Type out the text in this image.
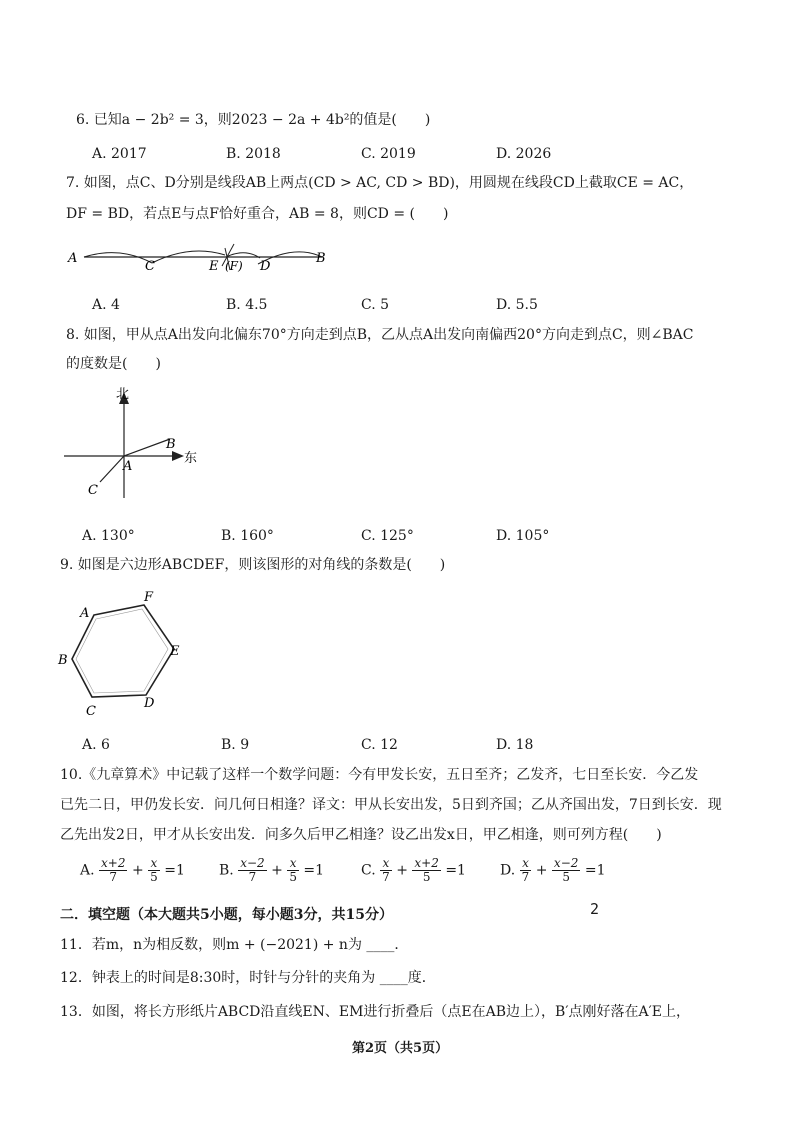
6. 已知a − 2b² = 3，则2023 − 2a + 4b²的值是(　　)
A. 2017	B. 2018	C. 2019	D. 2026
7. 如图，点C、D分别是线段AB上两点(CD > AC, CD > BD)，用圆规在线段CD上截取CE = AC，
DF = BD，若点E与点F恰好重合，AB = 8，则CD = (　　)
A
C	E (F) D
B
A. 4	B. 4.5	C. 5	D. 5.5
8. 如图，甲从点A出发向北偏东70°方向走到点B，乙从点A出发向南偏西20°方向走到点C，则∠BAC
的度数是(　　)
北
东
A
B
C
A. 130°	B. 160°	C. 125°	D. 105°
9. 如图是六边形ABCDEF，则该图形的对角线的条数是(　　)
A
F
B
E
C
D
A. 6	B. 9	C. 12	D. 18
10.《九章算术》中记载了这样一个数学问题：今有甲发长安，五日至齐；乙发齐，七日至长安．今乙发
已先二日，甲仍发长安．问几何日相逢？译文：甲从长安出发，5日到齐国；乙从齐国出发，7日到长安．现
乙先出发2日，甲才从长安出发．问多久后甲乙相逢？设乙出发x日，甲乙相逢，则可列方程(　　)
A. $\frac{x+2}{7} + \frac{x}{5} =1$ B. $\frac{x-2}{7} + \frac{x}{5} =1$	C. $\frac{x}{7} + \frac{x+2}{5} =1$ D. $\frac{x}{7} + \frac{x-2}{5} =1$
2
二．填空题（本大题共5小题，每小题3分，共15分）
11．若m，n为相反数，则m + (−2021) + n为 ____．
12．钟表上的时间是8:30时，时针与分针的夹角为 ____度．
13．如图，将长方形纸片ABCD沿直线EN、EM进行折叠后（点E在AB边上），B′点刚好落在A′E上，
第2页（共5页）
